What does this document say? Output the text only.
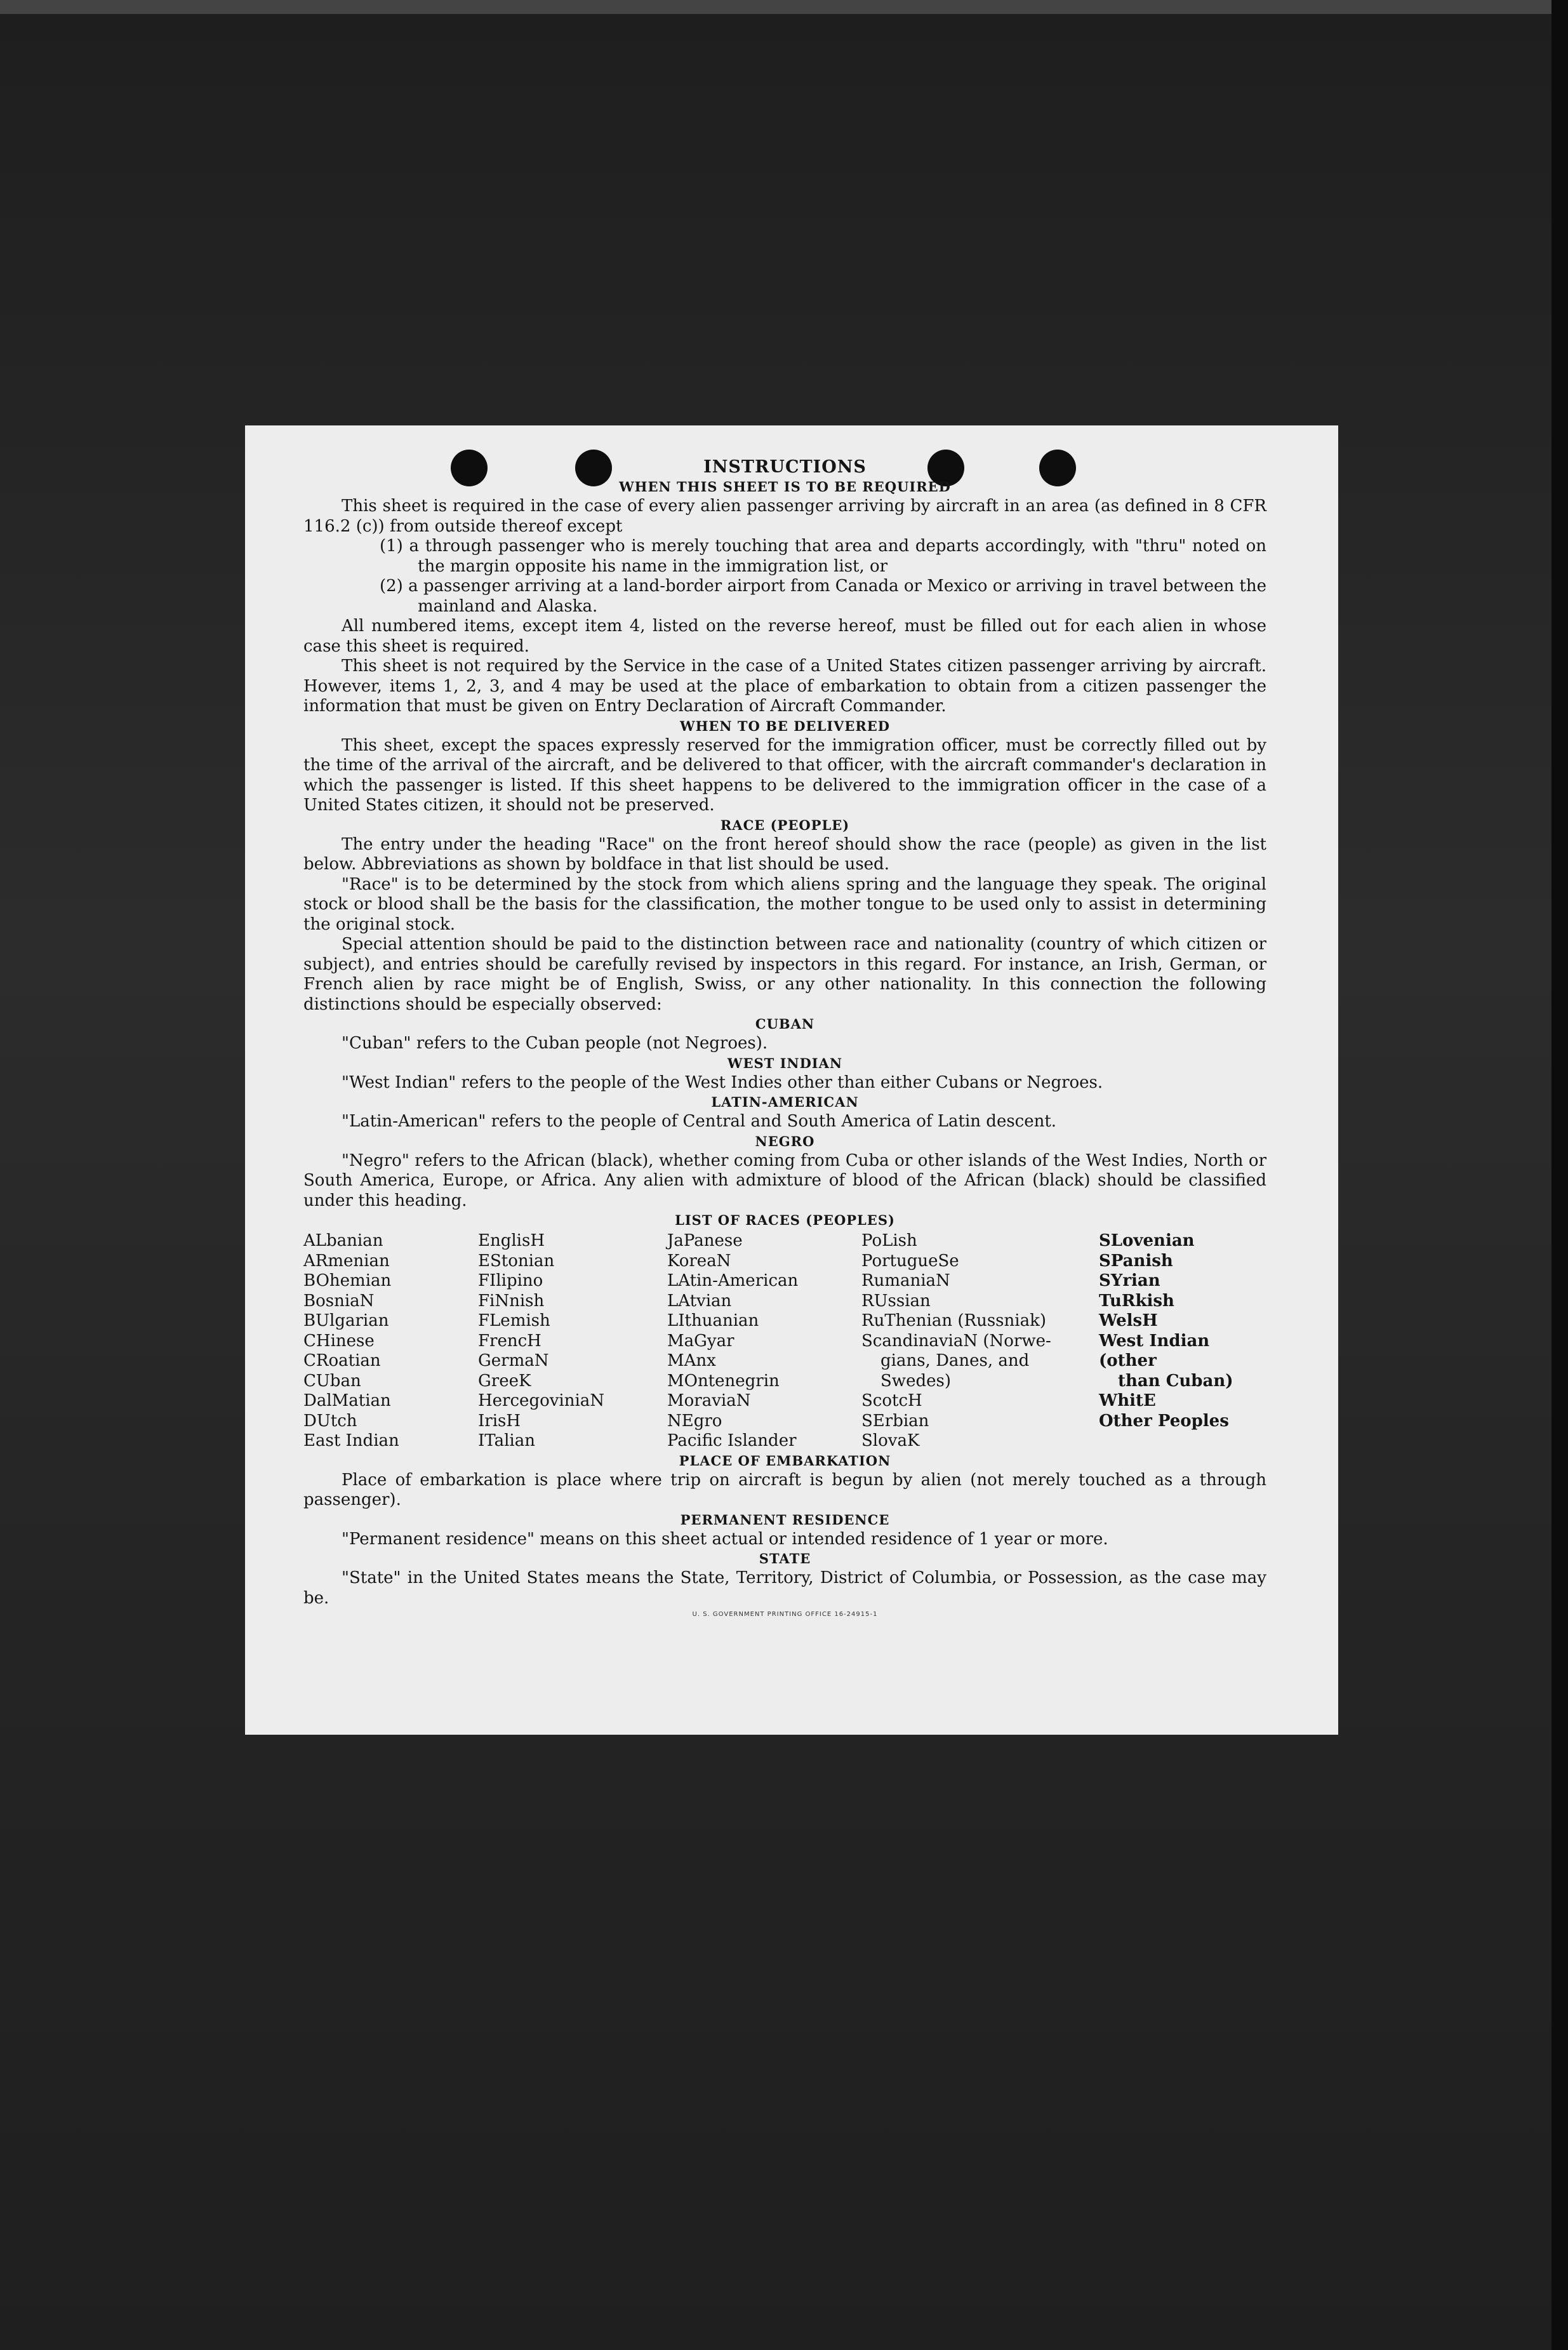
INSTRUCTIONS
WHEN THIS SHEET IS TO BE REQUIRED

This sheet is required in the case of every alien passenger arriving by aircraft in an area (as defined in 8 CFR 116.2 (c)) from outside thereof except

(1) a through passenger who is merely touching that area and departs accordingly, with "thru" noted on the margin opposite his name in the immigration list, or

(2) a passenger arriving at a land-border airport from Canada or Mexico or arriving in travel between the mainland and Alaska.

All numbered items, except item 4, listed on the reverse hereof, must be filled out for each alien in whose case this sheet is required.

This sheet is not required by the Service in the case of a United States citizen passenger arriving by aircraft. However, items 1, 2, 3, and 4 may be used at the place of embarkation to obtain from a citizen passenger the information that must be given on Entry Declaration of Aircraft Commander.

WHEN TO BE DELIVERED

This sheet, except the spaces expressly reserved for the immigration officer, must be correctly filled out by the time of the arrival of the aircraft, and be delivered to that officer, with the aircraft commander's declaration in which the passenger is listed. If this sheet happens to be delivered to the immigration officer in the case of a United States citizen, it should not be preserved.

RACE (PEOPLE)

The entry under the heading "Race" on the front hereof should show the race (people) as given in the list below. Abbreviations as shown by boldface in that list should be used.

"Race" is to be determined by the stock from which aliens spring and the language they speak. The original stock or blood shall be the basis for the classification, the mother tongue to be used only to assist in determining the original stock.

Special attention should be paid to the distinction between race and nationality (country of which citizen or subject), and entries should be carefully revised by inspectors in this regard. For instance, an Irish, German, or French alien by race might be of English, Swiss, or any other nationality. In this connection the following distinctions should be especially observed:

CUBAN

"Cuban" refers to the Cuban people (not Negroes).

WEST INDIAN

"West Indian" refers to the people of the West Indies other than either Cubans or Negroes.

LATIN-AMERICAN

"Latin-American" refers to the people of Central and South America of Latin descent.

NEGRO

"Negro" refers to the African (black), whether coming from Cuba or other islands of the West Indies, North or South America, Europe, or Africa. Any alien with admixture of blood of the African (black) should be classified under this heading.

LIST OF RACES (PEOPLES)
ALbanian
ARmenian
BOhemian
BosniaN
BUlgarian
CHinese
CRoatian
CUban
DalMatian
DUtch
East Indian
EnglisH
EStonian
FIlipino
FiNnish
FLemish
FrencH
GermaN
GreeK
HercegoviniaN
IrisH
ITalian
JaPanese
KoreaN
LAtin-American
LAtvian
LIthuanian
MaGyar
MAnx
MOntenegrin
MoraviaN
NEgro
Pacific Islander
PoLish
PortugueSe
RumaniaN
RUssian
RuThenian (Russniak)
ScandinaviaN (Norwe-
gians, Danes, and
Swedes)
ScotcH
SErbian
SlovaK
SLovenian
SPanish
SYrian
TuRkish
WelsH
West Indian (other
than Cuban)
WhitE
Other Peoples
PLACE OF EMBARKATION

Place of embarkation is place where trip on aircraft is begun by alien (not merely touched as a through passenger).

PERMANENT RESIDENCE

"Permanent residence" means on this sheet actual or intended residence of 1 year or more.

STATE

"State" in the United States means the State, Territory, District of Columbia, or Possession, as the case may be.

U. S. GOVERNMENT PRINTING OFFICE 16-24915-1
